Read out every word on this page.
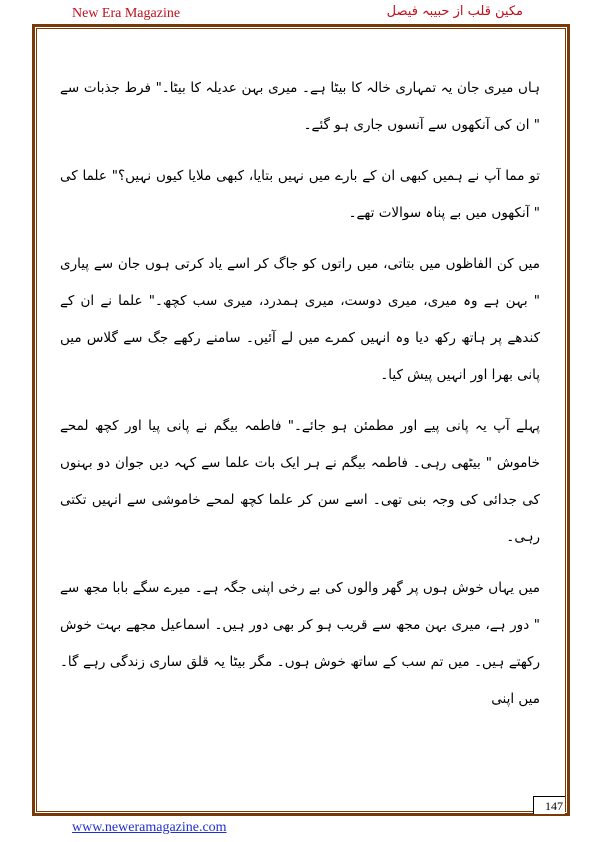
New Era Magazine	مکین قلب از حبیبہ فیصل

ہاں میری جان یہ تمہاری خالہ کا بیٹا ہے۔ میری بہن عدیلہ کا بیٹا۔" فرط جذبات سے " ان کی آنکھوں سے آنسوں جاری ہو گئے۔

تو مما آپ نے ہمیں کبھی ان کے بارے میں نہیں بتایا، کبھی ملایا کیوں نہیں؟" علما کی " آنکھوں میں بے پناہ سوالات تھے۔

میں کن الفاظوں میں بتاتی، میں راتوں کو جاگ کر اسے یاد کرتی ہوں جان سے پیاری " بہن ہے وہ میری، میری دوست، میری ہمدرد، میری سب کچھ۔" علما نے ان کے کندھے پر ہاتھ رکھ دیا وہ انہیں کمرے میں لے آئیں۔ سامنے رکھے جگ سے گلاس میں پانی بھرا اور انہیں پیش کیا۔

پہلے آپ یہ پانی پیے اور مطمئن ہو جائے۔" فاطمہ بیگم نے پانی پیا اور کچھ لمحے خاموش " بیٹھی رہی۔ فاطمہ بیگم نے ہر ایک بات علما سے کہہ دیں جوان دو بہنوں کی جدائی کی وجہ بنی تھی۔ اسے سن کر علما کچھ لمحے خاموشی سے انہیں تکتی رہی۔

میں یہاں خوش ہوں پر گھر والوں کی بے رخی اپنی جگہ ہے۔ میرے سگے بابا مجھ سے " دور ہے، میری بہن مجھ سے قریب ہو کر بھی دور ہیں۔ اسماعیل مجھے بہت خوش رکھتے ہیں۔ میں تم سب کے ساتھ خوش ہوں۔ مگر بیٹا یہ قلق ساری زندگی رہے گا۔ میں اپنی

147
www.neweramagazine.com
